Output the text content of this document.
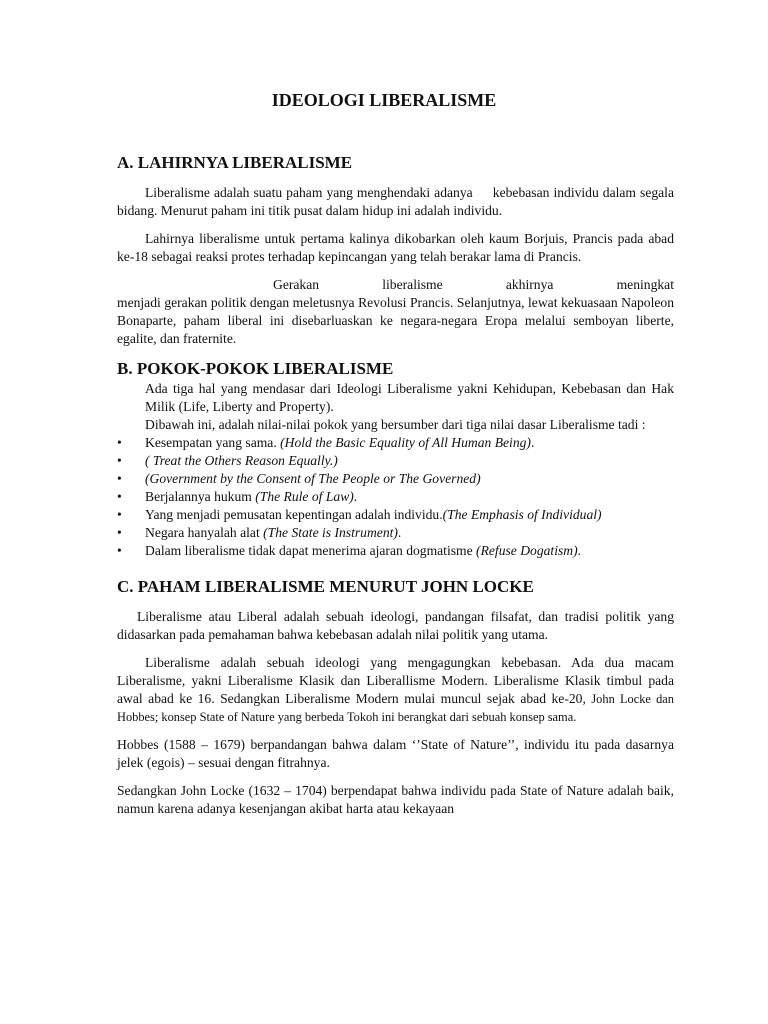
IDEOLOGI LIBERALISME

A. LAHIRNYA LIBERALISME

Liberalisme adalah suatu paham yang menghendaki adanya     kebebasan individu dalam segala bidang. Menurut paham ini titik pusat dalam hidup ini adalah individu.

Lahirnya liberalisme untuk pertama kalinya dikobarkan oleh kaum Borjuis, Prancis pada abad ke-18 sebagai reaksi protes terhadap kepincangan yang telah berakar lama di Prancis.

Gerakan liberalisme akhirnya meningkat

menjadi gerakan politik dengan meletusnya Revolusi Prancis. Selanjutnya, lewat kekuasaan Napoleon Bonaparte, paham liberal ini disebarluaskan ke negara-negara Eropa melalui semboyan liberte, egalite, dan fraternite.

B. POKOK-POKOK LIBERALISME

Ada tiga hal yang mendasar dari Ideologi Liberalisme yakni Kehidupan, Kebebasan dan Hak Milik (Life, Liberty and Property).

Dibawah ini, adalah nilai-nilai pokok yang bersumber dari tiga nilai dasar Liberalisme tadi :

• Kesempatan yang sama. (Hold the Basic Equality of All Human Being).
• ( Treat the Others Reason Equally.)
• (Government by the Consent of The People or The Governed)
• Berjalannya hukum (The Rule of Law).
• Yang menjadi pemusatan kepentingan adalah individu.(The Emphasis of Individual)
• Negara hanyalah alat (The State is Instrument).
• Dalam liberalisme tidak dapat menerima ajaran dogmatisme (Refuse Dogatism).

C. PAHAM LIBERALISME MENURUT JOHN LOCKE

Liberalisme atau Liberal adalah sebuah ideologi, pandangan filsafat, dan tradisi politik yang didasarkan pada pemahaman bahwa kebebasan adalah nilai politik yang utama.

Liberalisme adalah sebuah ideologi yang mengagungkan kebebasan. Ada dua macam Liberalisme, yakni Liberalisme Klasik dan Liberallisme Modern. Liberalisme Klasik timbul pada awal abad ke 16. Sedangkan Liberalisme Modern mulai muncul sejak abad ke-20, John Locke dan Hobbes; konsep State of Nature yang berbeda Tokoh ini berangkat dari sebuah konsep sama.

Hobbes (1588 – 1679) berpandangan bahwa dalam ‘’State of Nature’’, individu itu pada dasarnya jelek (egois) – sesuai dengan fitrahnya.

Sedangkan John Locke (1632 – 1704) berpendapat bahwa individu pada State of Nature adalah baik, namun karena adanya kesenjangan akibat harta atau kekayaan
